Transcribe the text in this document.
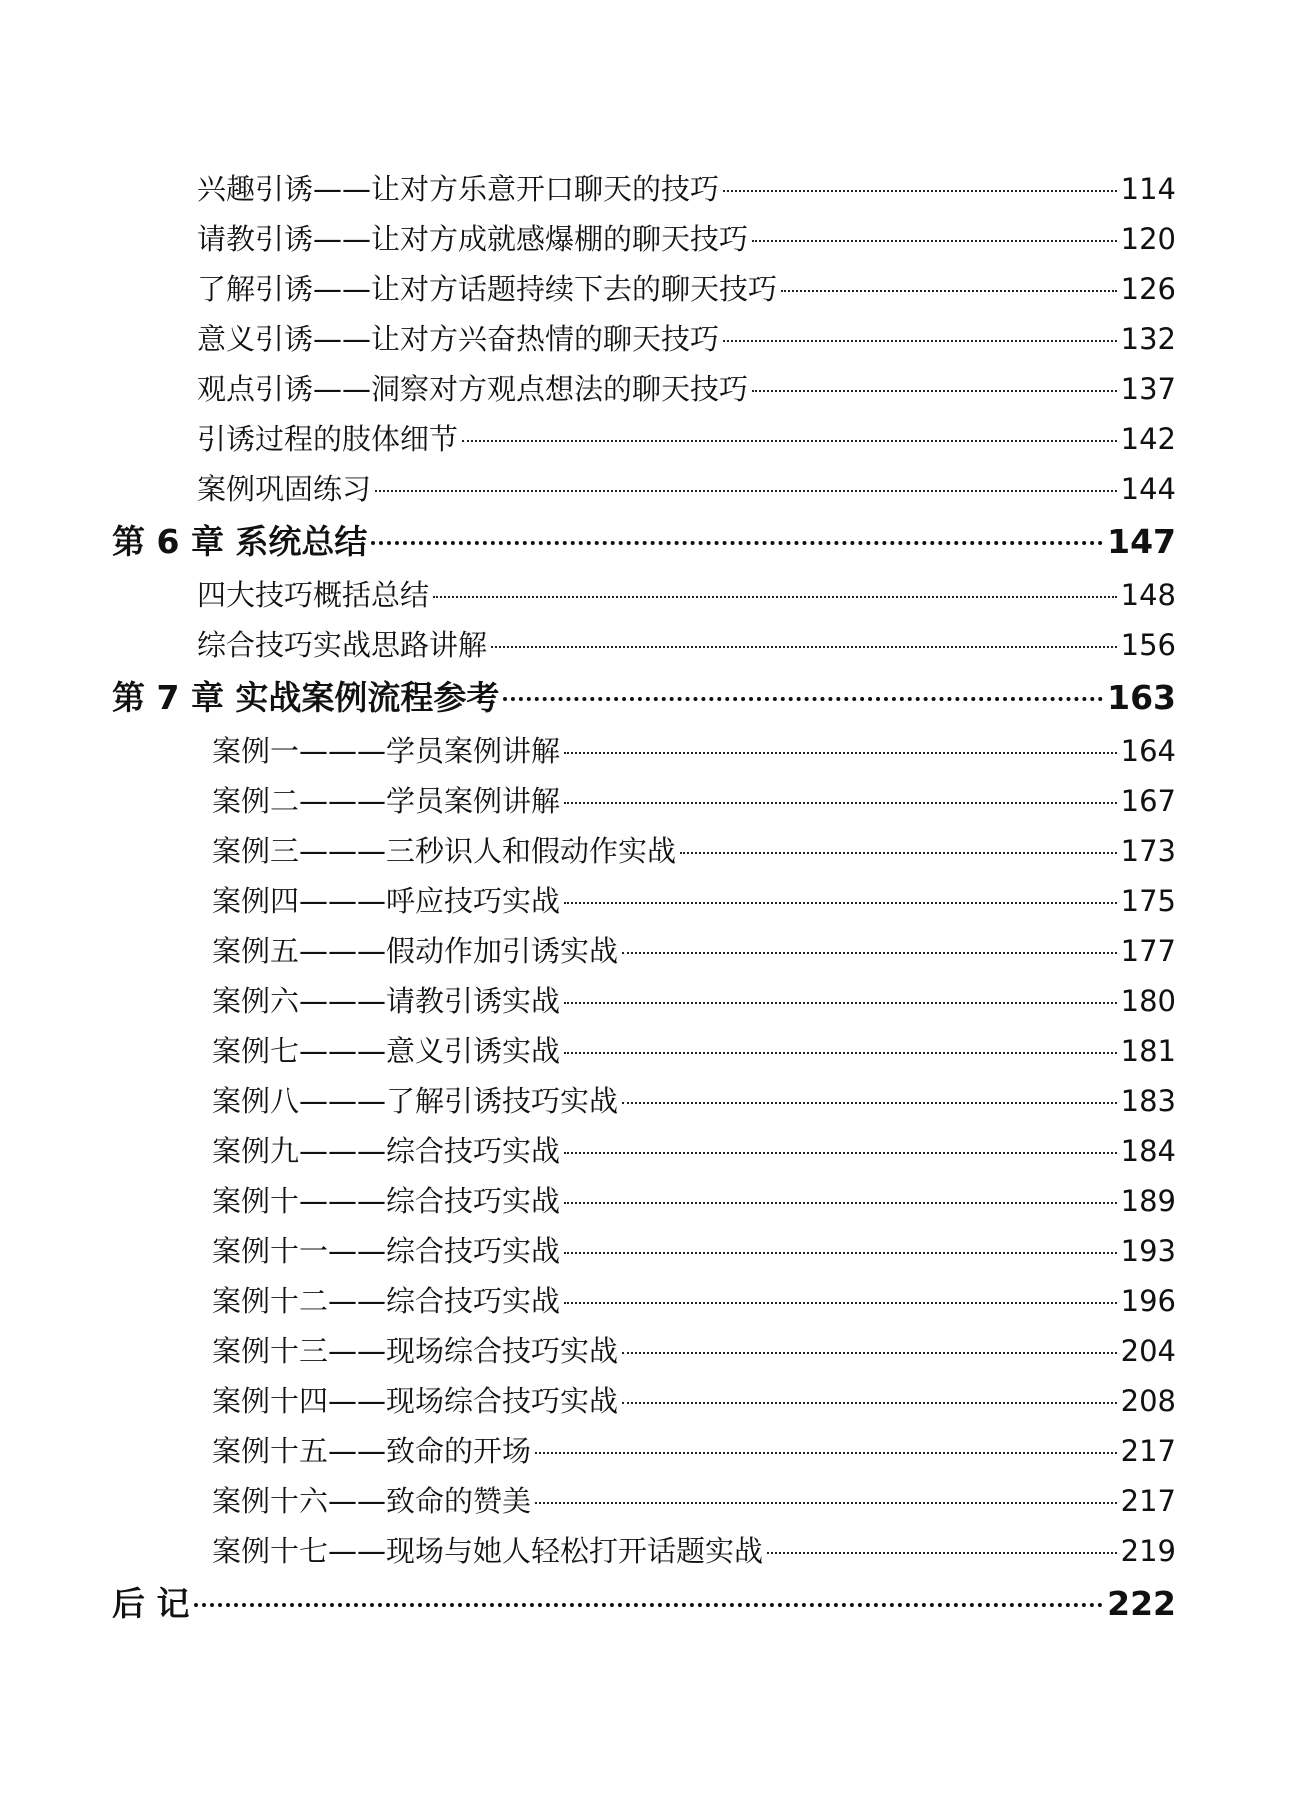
兴趣引诱——让对方乐意开口聊天的技巧	114
请教引诱——让对方成就感爆棚的聊天技巧	120
了解引诱——让对方话题持续下去的聊天技巧	126
意义引诱——让对方兴奋热情的聊天技巧	132
观点引诱——洞察对方观点想法的聊天技巧	137
引诱过程的肢体细节	142
案例巩固练习	144
第 6 章 系统总结	147
四大技巧概括总结	148
综合技巧实战思路讲解	156
第 7 章 实战案例流程参考	163
案例一———学员案例讲解	164
案例二———学员案例讲解	167
案例三———三秒识人和假动作实战	173
案例四———呼应技巧实战	175
案例五———假动作加引诱实战	177
案例六———请教引诱实战	180
案例七———意义引诱实战	181
案例八———了解引诱技巧实战	183
案例九———综合技巧实战	184
案例十———综合技巧实战	189
案例十一——综合技巧实战	193
案例十二——综合技巧实战	196
案例十三——现场综合技巧实战	204
案例十四——现场综合技巧实战	208
案例十五——致命的开场	217
案例十六——致命的赞美	217
案例十七——现场与她人轻松打开话题实战	219
后 记	222
